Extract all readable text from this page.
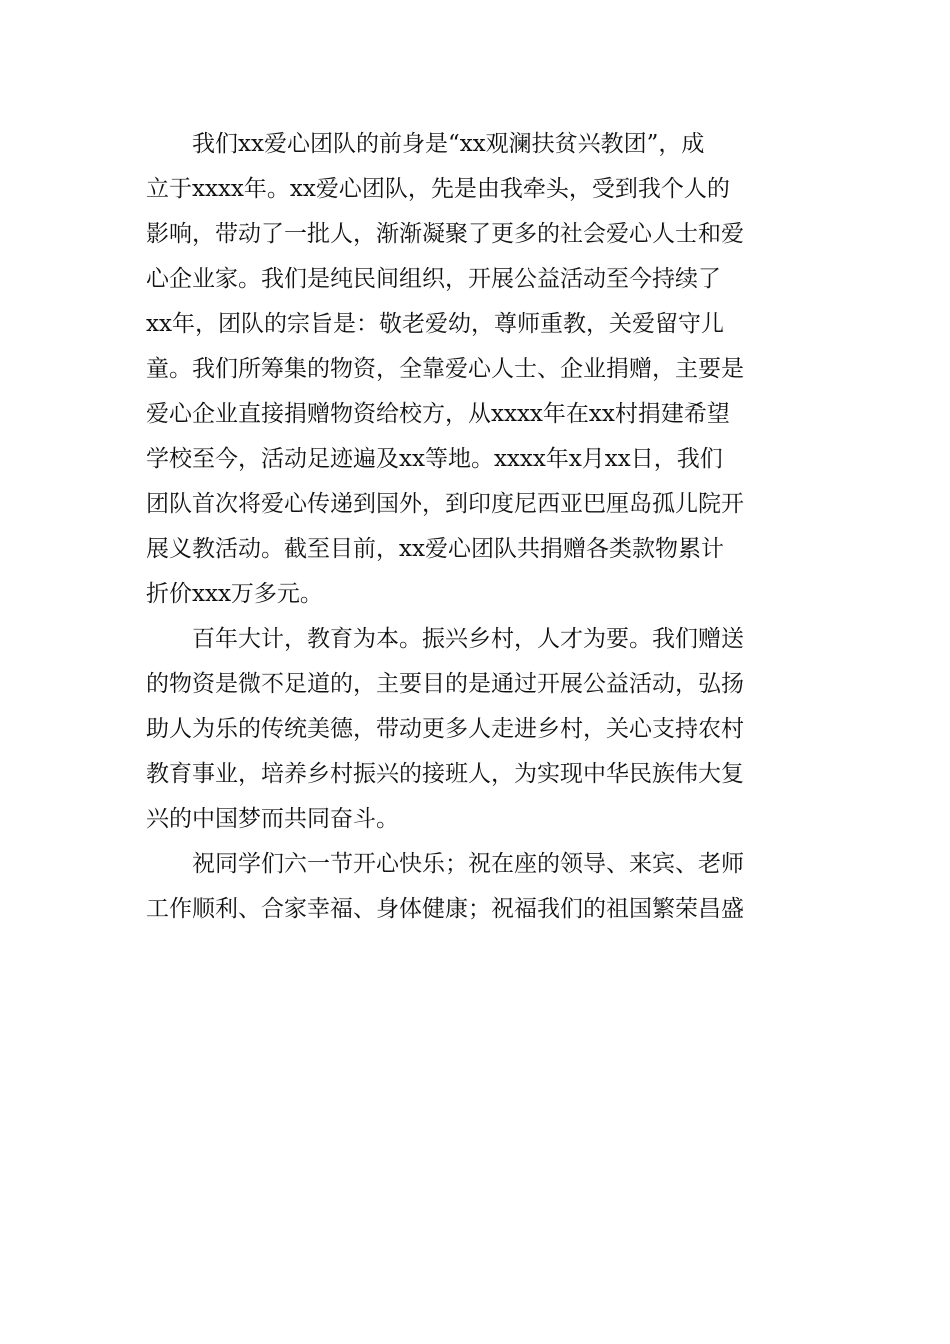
我们xx爱心团队的前身是“xx观澜扶贫兴教团”，成
立于xxxx年。xx爱心团队，先是由我牵头，受到我个人的
影响，带动了一批人，渐渐凝聚了更多的社会爱心人士和爱
心企业家。我们是纯民间组织，开展公益活动至今持续了
xx年，团队的宗旨是：敬老爱幼，尊师重教，关爱留守儿
童。我们所筹集的物资，全靠爱心人士、企业捐赠，主要是
爱心企业直接捐赠物资给校方，从xxxx年在xx村捐建希望
学校至今，活动足迹遍及xx等地。xxxx年x月xx日，我们
团队首次将爱心传递到国外，到印度尼西亚巴厘岛孤儿院开
展义教活动。截至目前，xx爱心团队共捐赠各类款物累计
折价xxx万多元。

百年大计，教育为本。振兴乡村，人才为要。我们赠送
的物资是微不足道的，主要目的是通过开展公益活动，弘扬
助人为乐的传统美德，带动更多人走进乡村，关心支持农村
教育事业，培养乡村振兴的接班人，为实现中华民族伟大复
兴的中国梦而共同奋斗。

祝同学们六一节开心快乐；祝在座的领导、来宾、老师
工作顺利、合家幸福、身体健康；祝福我们的祖国繁荣昌盛
